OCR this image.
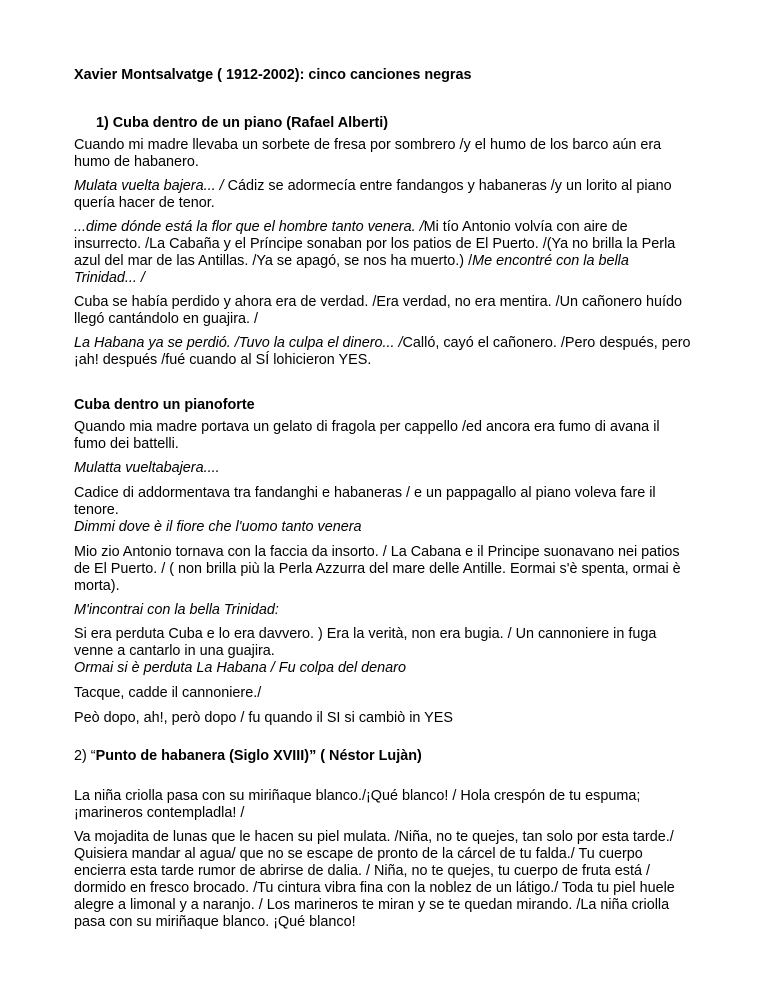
Xavier Montsalvatge ( 1912-2002): cinco canciones negras

1) Cuba dentro de un piano (Rafael Alberti)

Cuando mi madre llevaba un sorbete de fresa por sombrero /y el humo de los barco aún era humo de habanero.

Mulata vuelta bajera... / Cádiz se adormecía entre fandangos y habaneras /y un lorito al piano quería hacer de tenor.

...dime dónde está la flor que el hombre tanto venera. /Mi tío Antonio volvía con aire de insurrecto. /La Cabaña y el Príncipe sonaban por los patios de El Puerto. /(Ya no brilla la Perla azul del mar de las Antillas. /Ya se apagó, se nos ha muerto.) /Me encontré con la bella Trinidad... /

Cuba se había perdido y ahora era de verdad. /Era verdad, no era mentira. /Un cañonero huído llegó cantándolo en guajira. /

La Habana ya se perdió. /Tuvo la culpa el dinero... /Calló, cayó el cañonero. /Pero después, pero ¡ah! después /fué cuando al SÍ lohicieron YES.

Cuba dentro un pianoforte

Quando mia madre portava un gelato di fragola per cappello /ed ancora era fumo di avana il fumo dei battelli.

Mulatta vueltabajera....

Cadice di addormentava tra fandanghi e habaneras / e un pappagallo al piano voleva fare il tenore.

Dimmi dove è il fiore che l'uomo tanto venera

Mio zio Antonio tornava con la faccia da insorto. / La Cabana e il Principe suonavano nei patios de El Puerto. / ( non brilla più la Perla Azzurra del mare delle Antille. Eormai s'è spenta, ormai è morta).

M'incontrai con la bella Trinidad:

Si era perduta Cuba e lo era davvero. ) Era la verità, non era bugia. / Un cannoniere in fuga venne a cantarlo in una guajira.

Ormai si è perduta La Habana / Fu colpa del denaro

Tacque, cadde il cannoniere./

Peò dopo, ah!, però dopo / fu quando il SI si cambiò in YES

2) “Punto de habanera (Siglo XVIII)” ( Néstor Lujàn)

La niña criolla pasa con su miriñaque blanco./¡Qué blanco! / Hola crespón de tu espuma; ¡marineros contempladla! /

Va mojadita de lunas que le hacen su piel mulata. /Niña, no te quejes, tan solo por esta tarde./ Quisiera mandar al agua/ que no se escape de pronto de la cárcel de tu falda./ Tu cuerpo encierra esta tarde rumor de abrirse de dalia. / Niña, no te quejes, tu cuerpo de fruta está / dormido en fresco brocado. /Tu cintura vibra fina con la noblez de un látigo./ Toda tu piel huele alegre a limonal y a naranjo. / Los marineros te miran y se te quedan mirando. /La niña criolla pasa con su miriñaque blanco. ¡Qué blanco!
